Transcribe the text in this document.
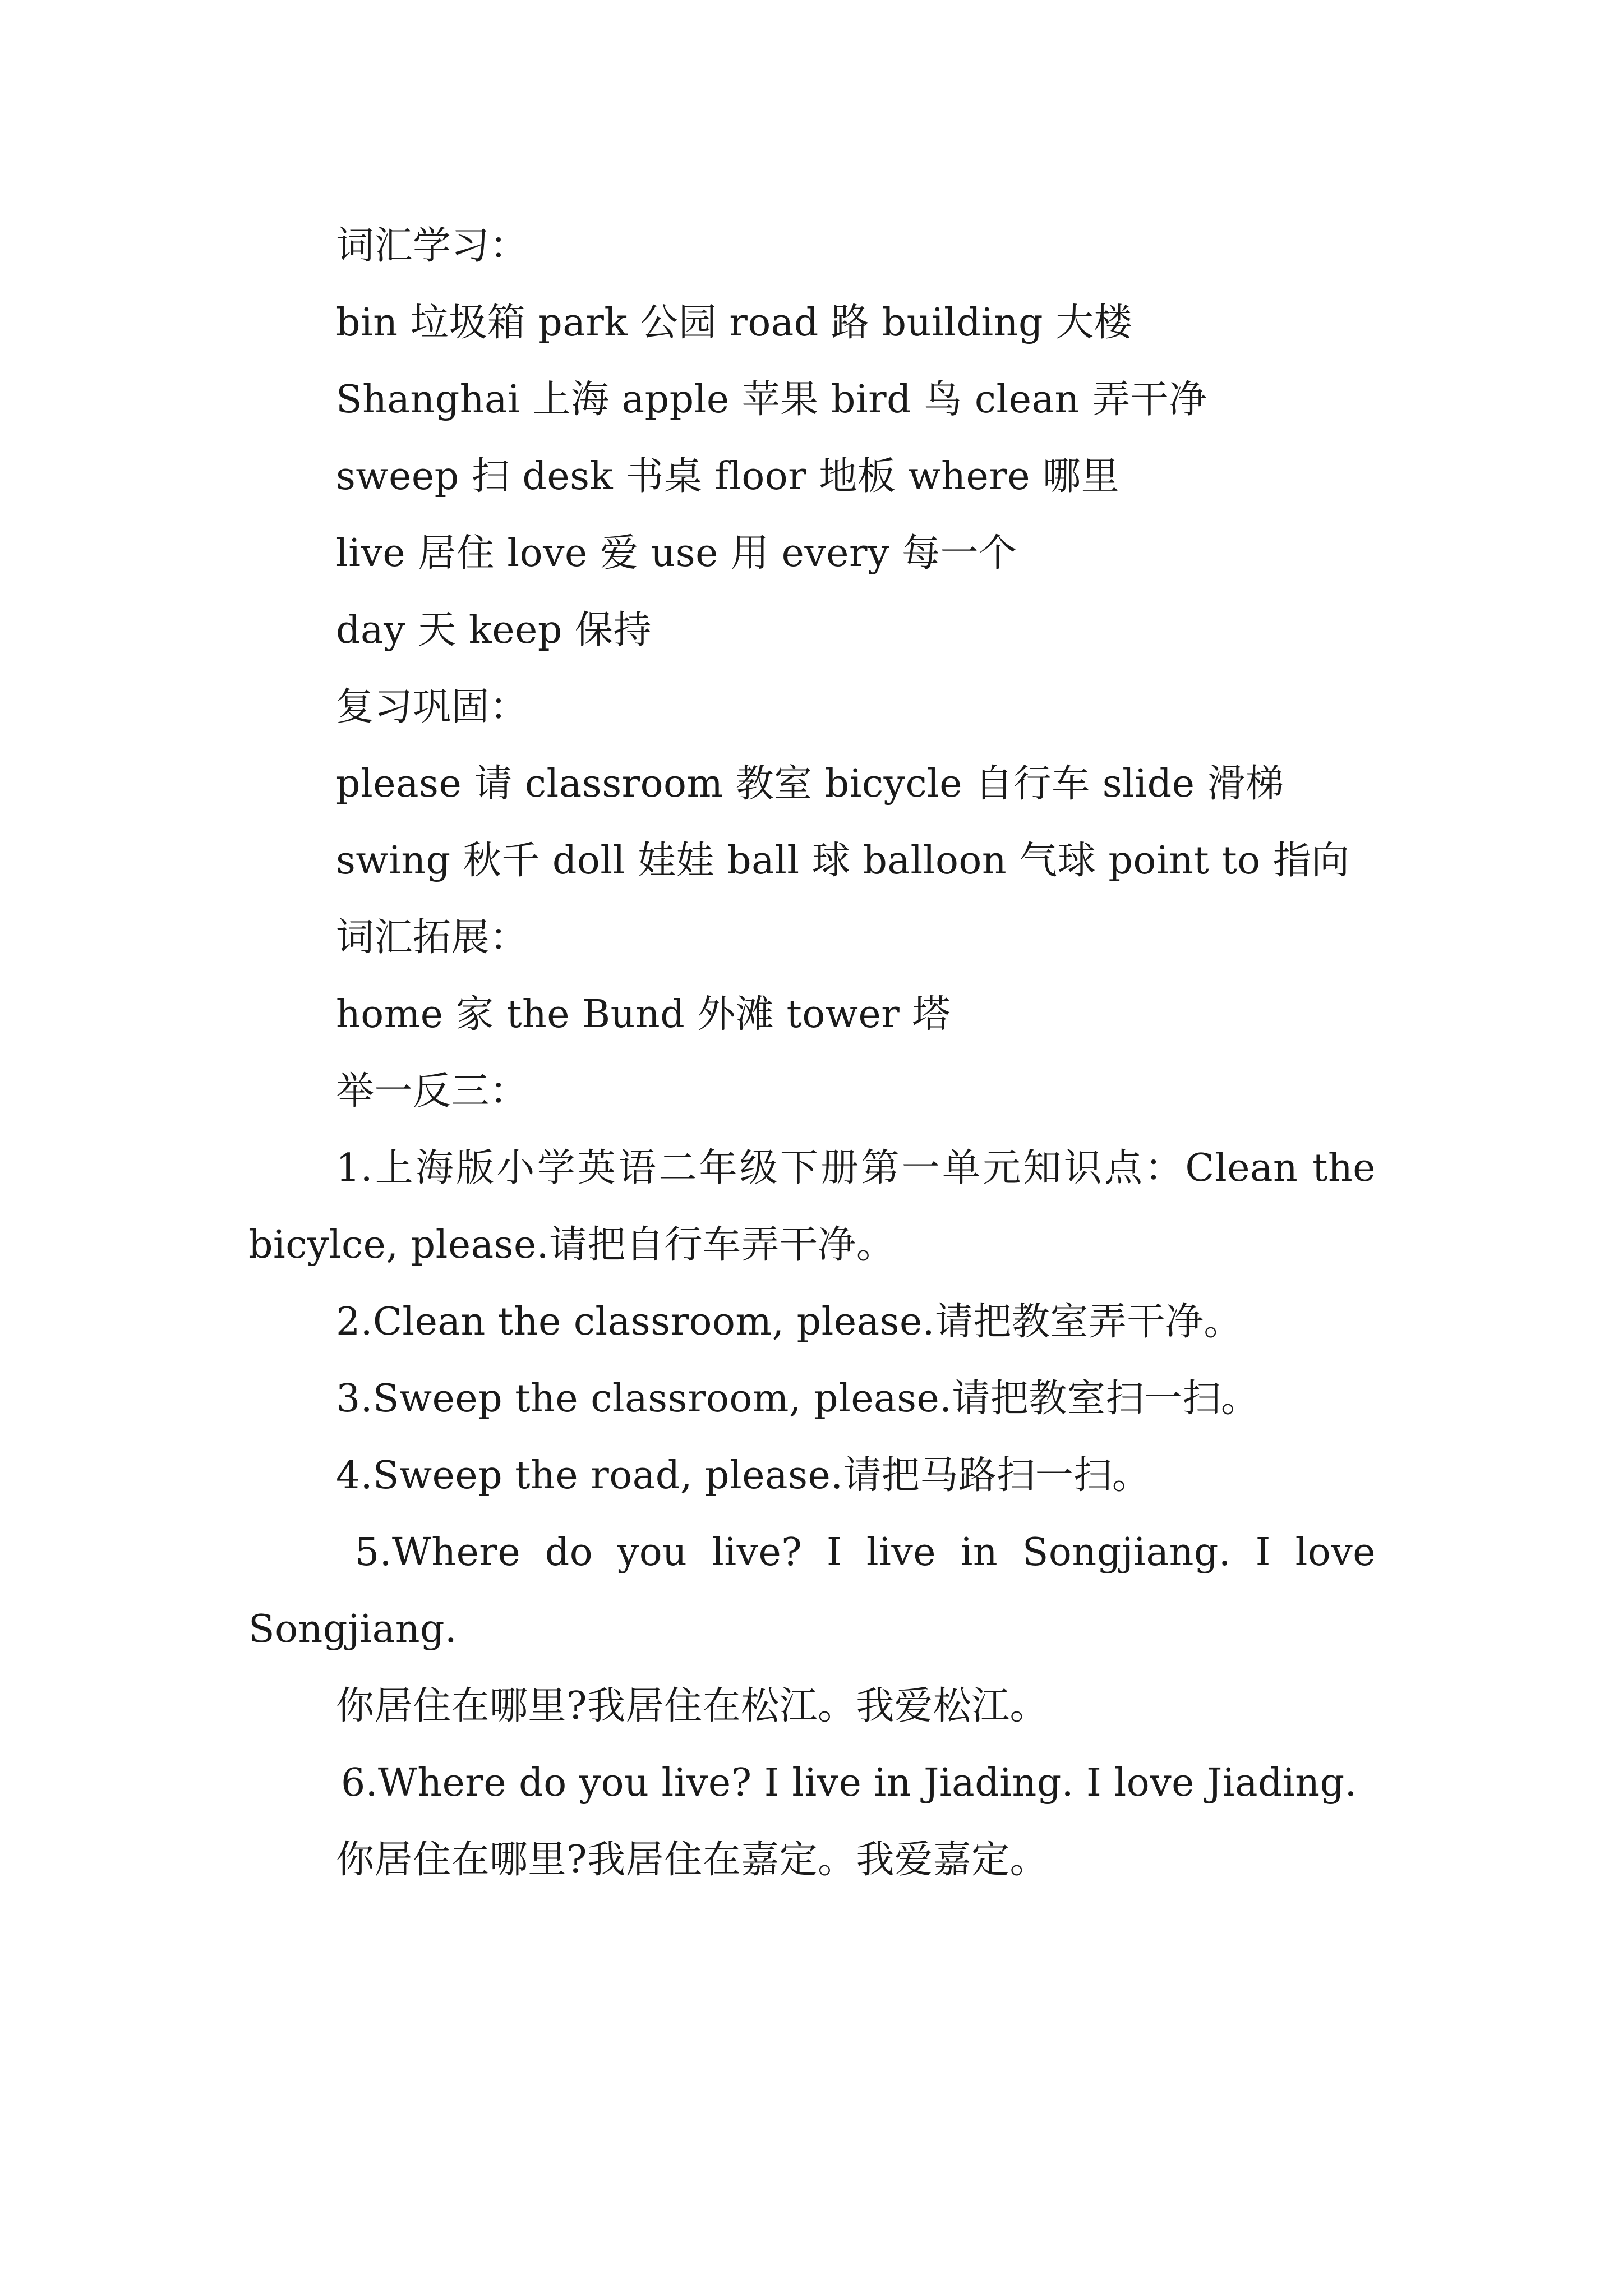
词汇学习：

bin 垃圾箱 park 公园 road 路 building 大楼

Shanghai 上海 apple 苹果 bird 鸟 clean 弄干净

sweep 扫 desk 书桌 floor 地板 where 哪里

live 居住 love 爱 use 用 every 每一个

day 天 keep 保持

复习巩固：

please 请 classroom 教室 bicycle 自行车 slide 滑梯

swing 秋千 doll 娃娃 ball 球 balloon 气球 point to 指向

词汇拓展：

home 家 the Bund 外滩 tower 塔

举一反三：

1.上海版小学英语二年级下册第一单元知识点：Clean the bicylce, please.请把自行车弄干净。

2.Clean the classroom, please.请把教室弄干净。

3.Sweep the classroom, please.请把教室扫一扫。

4.Sweep the road, please.请把马路扫一扫。

5.Where do you live? I live in Songjiang. I love Songjiang.

你居住在哪里?我居住在松江。我爱松江。

6.Where do you live? I live in Jiading. I love Jiading.

你居住在哪里?我居住在嘉定。我爱嘉定。
